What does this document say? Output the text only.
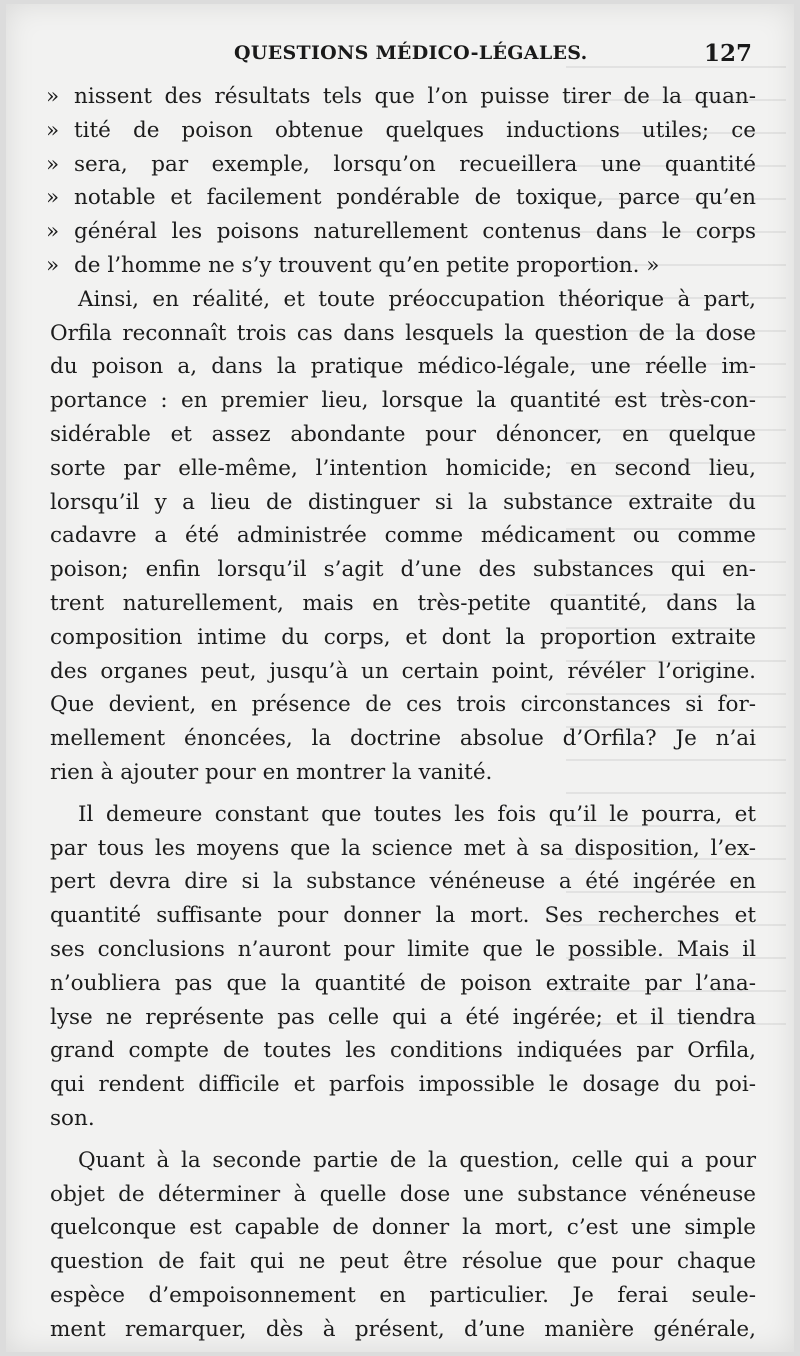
QUESTIONS MÉDICO-LÉGALES.	127
» nissent des résultats tels que l’on puisse tirer de la quan-
» tité de poison obtenue quelques inductions utiles; ce
» sera, par exemple, lorsqu’on recueillera une quantité
» notable et facilement pondérable de toxique, parce qu’en
» général les poisons naturellement contenus dans le corps
» de l’homme ne s’y trouvent qu’en petite proportion. »
Ainsi, en réalité, et toute préoccupation théorique à part,
Orfila reconnaît trois cas dans lesquels la question de la dose
du poison a, dans la pratique médico-légale, une réelle im-
portance : en premier lieu, lorsque la quantité est très-con-
sidérable et assez abondante pour dénoncer, en quelque
sorte par elle-même, l’intention homicide; en second lieu,
lorsqu’il y a lieu de distinguer si la substance extraite du
cadavre a été administrée comme médicament ou comme
poison; enfin lorsqu’il s’agit d’une des substances qui en-
trent naturellement, mais en très-petite quantité, dans la
composition intime du corps, et dont la proportion extraite
des organes peut, jusqu’à un certain point, révéler l’origine.
Que devient, en présence de ces trois circonstances si for-
mellement énoncées, la doctrine absolue d’Orfila? Je n’ai
rien à ajouter pour en montrer la vanité.
Il demeure constant que toutes les fois qu’il le pourra, et
par tous les moyens que la science met à sa disposition, l’ex-
pert devra dire si la substance vénéneuse a été ingérée en
quantité suffisante pour donner la mort. Ses recherches et
ses conclusions n’auront pour limite que le possible. Mais il
n’oubliera pas que la quantité de poison extraite par l’ana-
lyse ne représente pas celle qui a été ingérée; et il tiendra
grand compte de toutes les conditions indiquées par Orfila,
qui rendent difficile et parfois impossible le dosage du poi-
son.
Quant à la seconde partie de la question, celle qui a pour
objet de déterminer à quelle dose une substance vénéneuse
quelconque est capable de donner la mort, c’est une simple
question de fait qui ne peut être résolue que pour chaque
espèce d’empoisonnement en particulier. Je ferai seule-
ment remarquer, dès à présent, d’une manière générale,
